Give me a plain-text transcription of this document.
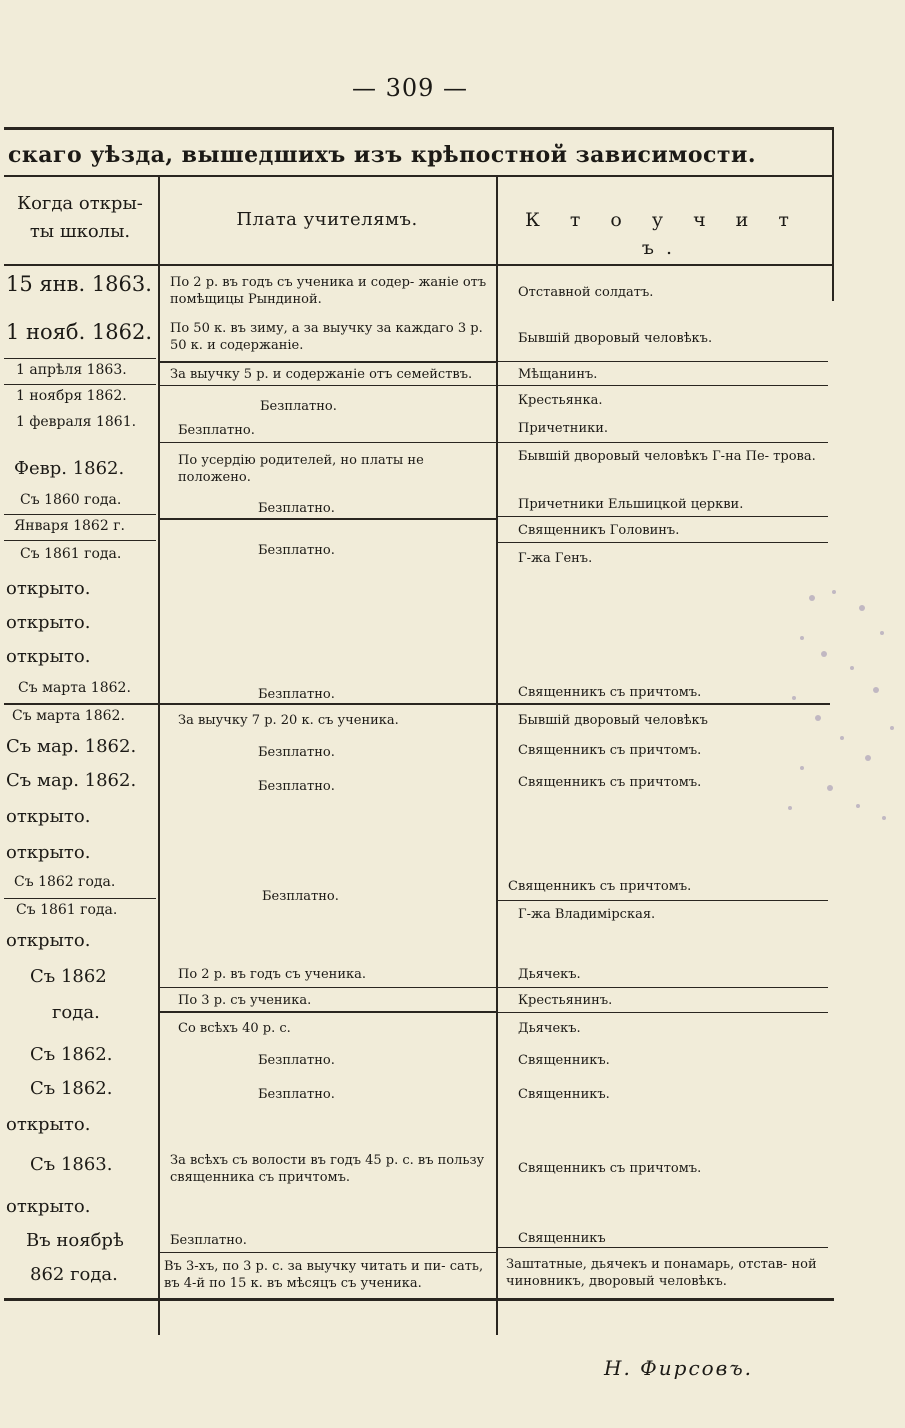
— 309 —
скаго уѣзда, вышедшихъ изъ крѣпостной зависимости.
Когда откры-
ты школы.
Плата учителямъ.	К т о у ч и т ъ.
15 янв. 1863.
1 нояб. 1862.
1 апрѣля 1863.
1 ноября 1862.
1 февраля 1861.
Февр. 1862.
Съ 1860 года.
Января 1862 г.
Съ 1861 года.
открыто.
открыто.
открыто.
Съ марта 1862.
Съ марта 1862.
Съ мар. 1862.
Съ мар. 1862.
открыто.
открыто.
Съ 1862 года.
Съ 1861 года.
открыто.
Съ 1862
года.
Съ 1862.
Съ 1862.
открыто.
Съ 1863.
открыто.
Въ ноябрѣ
862 года.
По 2 р. въ годъ съ ученика и содер- жаніе отъ помѣщицы Рындиной.
По 50 к. въ зиму, а за выучку за каждаго 3 р. 50 к. и содержаніе.
За выучку 5 р. и содержаніе отъ семействъ.
Безплатно.
Безплатно.
По усердію родителей, но платы не положено.
Безплатно.
Безплатно.
Безплатно.
За выучку 7 р. 20 к. съ ученика.
Безплатно.
Безплатно.
Безплатно.
По 2 р. въ годъ съ ученика.
По 3 р. съ ученика.
Со всѣхъ 40 р. с.
Безплатно.
Безплатно.
За всѣхъ съ волости въ годъ 45 р. с. въ пользу священника съ причтомъ.
Безплатно.
Въ 3-хъ, по 3 р. с. за выучку читать и пи- сать, въ 4-й по 15 к. въ мѣсяцъ съ ученика.
Отставной солдатъ.
Бывшій дворовый человѣкъ.
Мѣщанинъ.
Крестьянка.
Причетники.
Бывшій дворовый человѣкъ Г-на Пе- трова.
Причетники Ельшицкой церкви.
Священникъ Головинъ.
Г-жа Генъ.
Священникъ съ причтомъ.
Бывшій дворовый человѣкъ
Священникъ съ причтомъ.
Священникъ съ причтомъ.
Священникъ съ причтомъ.
Г-жа Владимірская.
Дьячекъ.
Крестьянинъ.
Дьячекъ.
Священникъ.
Священникъ.
Священникъ съ причтомъ.
Священникъ
Заштатные, дьячекъ и понамарь, отстав- ной чиновникъ, дворовый человѣкъ.
Н. Фирсовъ.
